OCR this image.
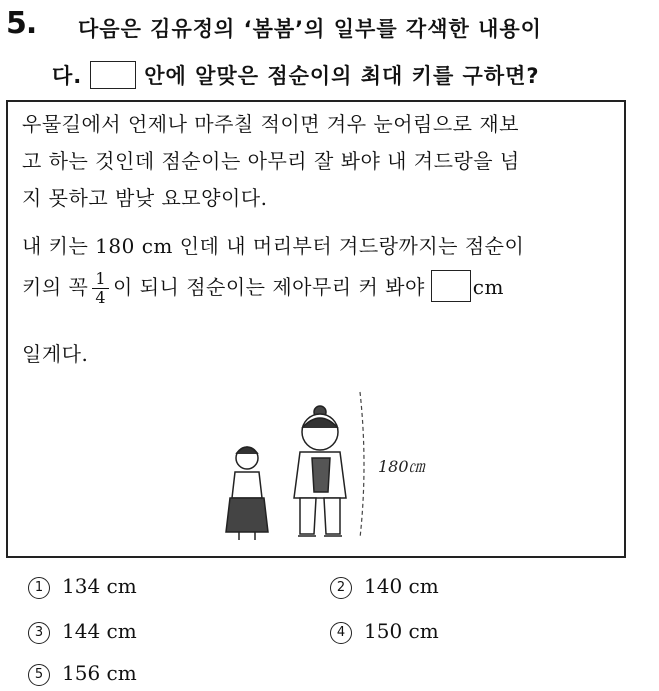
5. 다음은 김유정의 ‘봄봄’의 일부를 각색한 내용이
다.	안에 알맞은 점순이의 최대 키를 구하면?
우물길에서 언제나 마주칠 적이면 겨우 눈어림으로 재보
고 하는 것인데 점순이는 아무리 잘 봐야 내 겨드랑을 넘
지 못하고 밤낮 요모양이다.
내 키는 180 cm 인데 내 머리부터 겨드랑까지는 점순이
키의 꼭 $\frac{1}{4}$ 이 되니 점순이는 제아무리 커 봐야 cm
일게다.
180㎝
1 134 cm	2 140 cm
3 144 cm	4 150 cm
5 156 cm
